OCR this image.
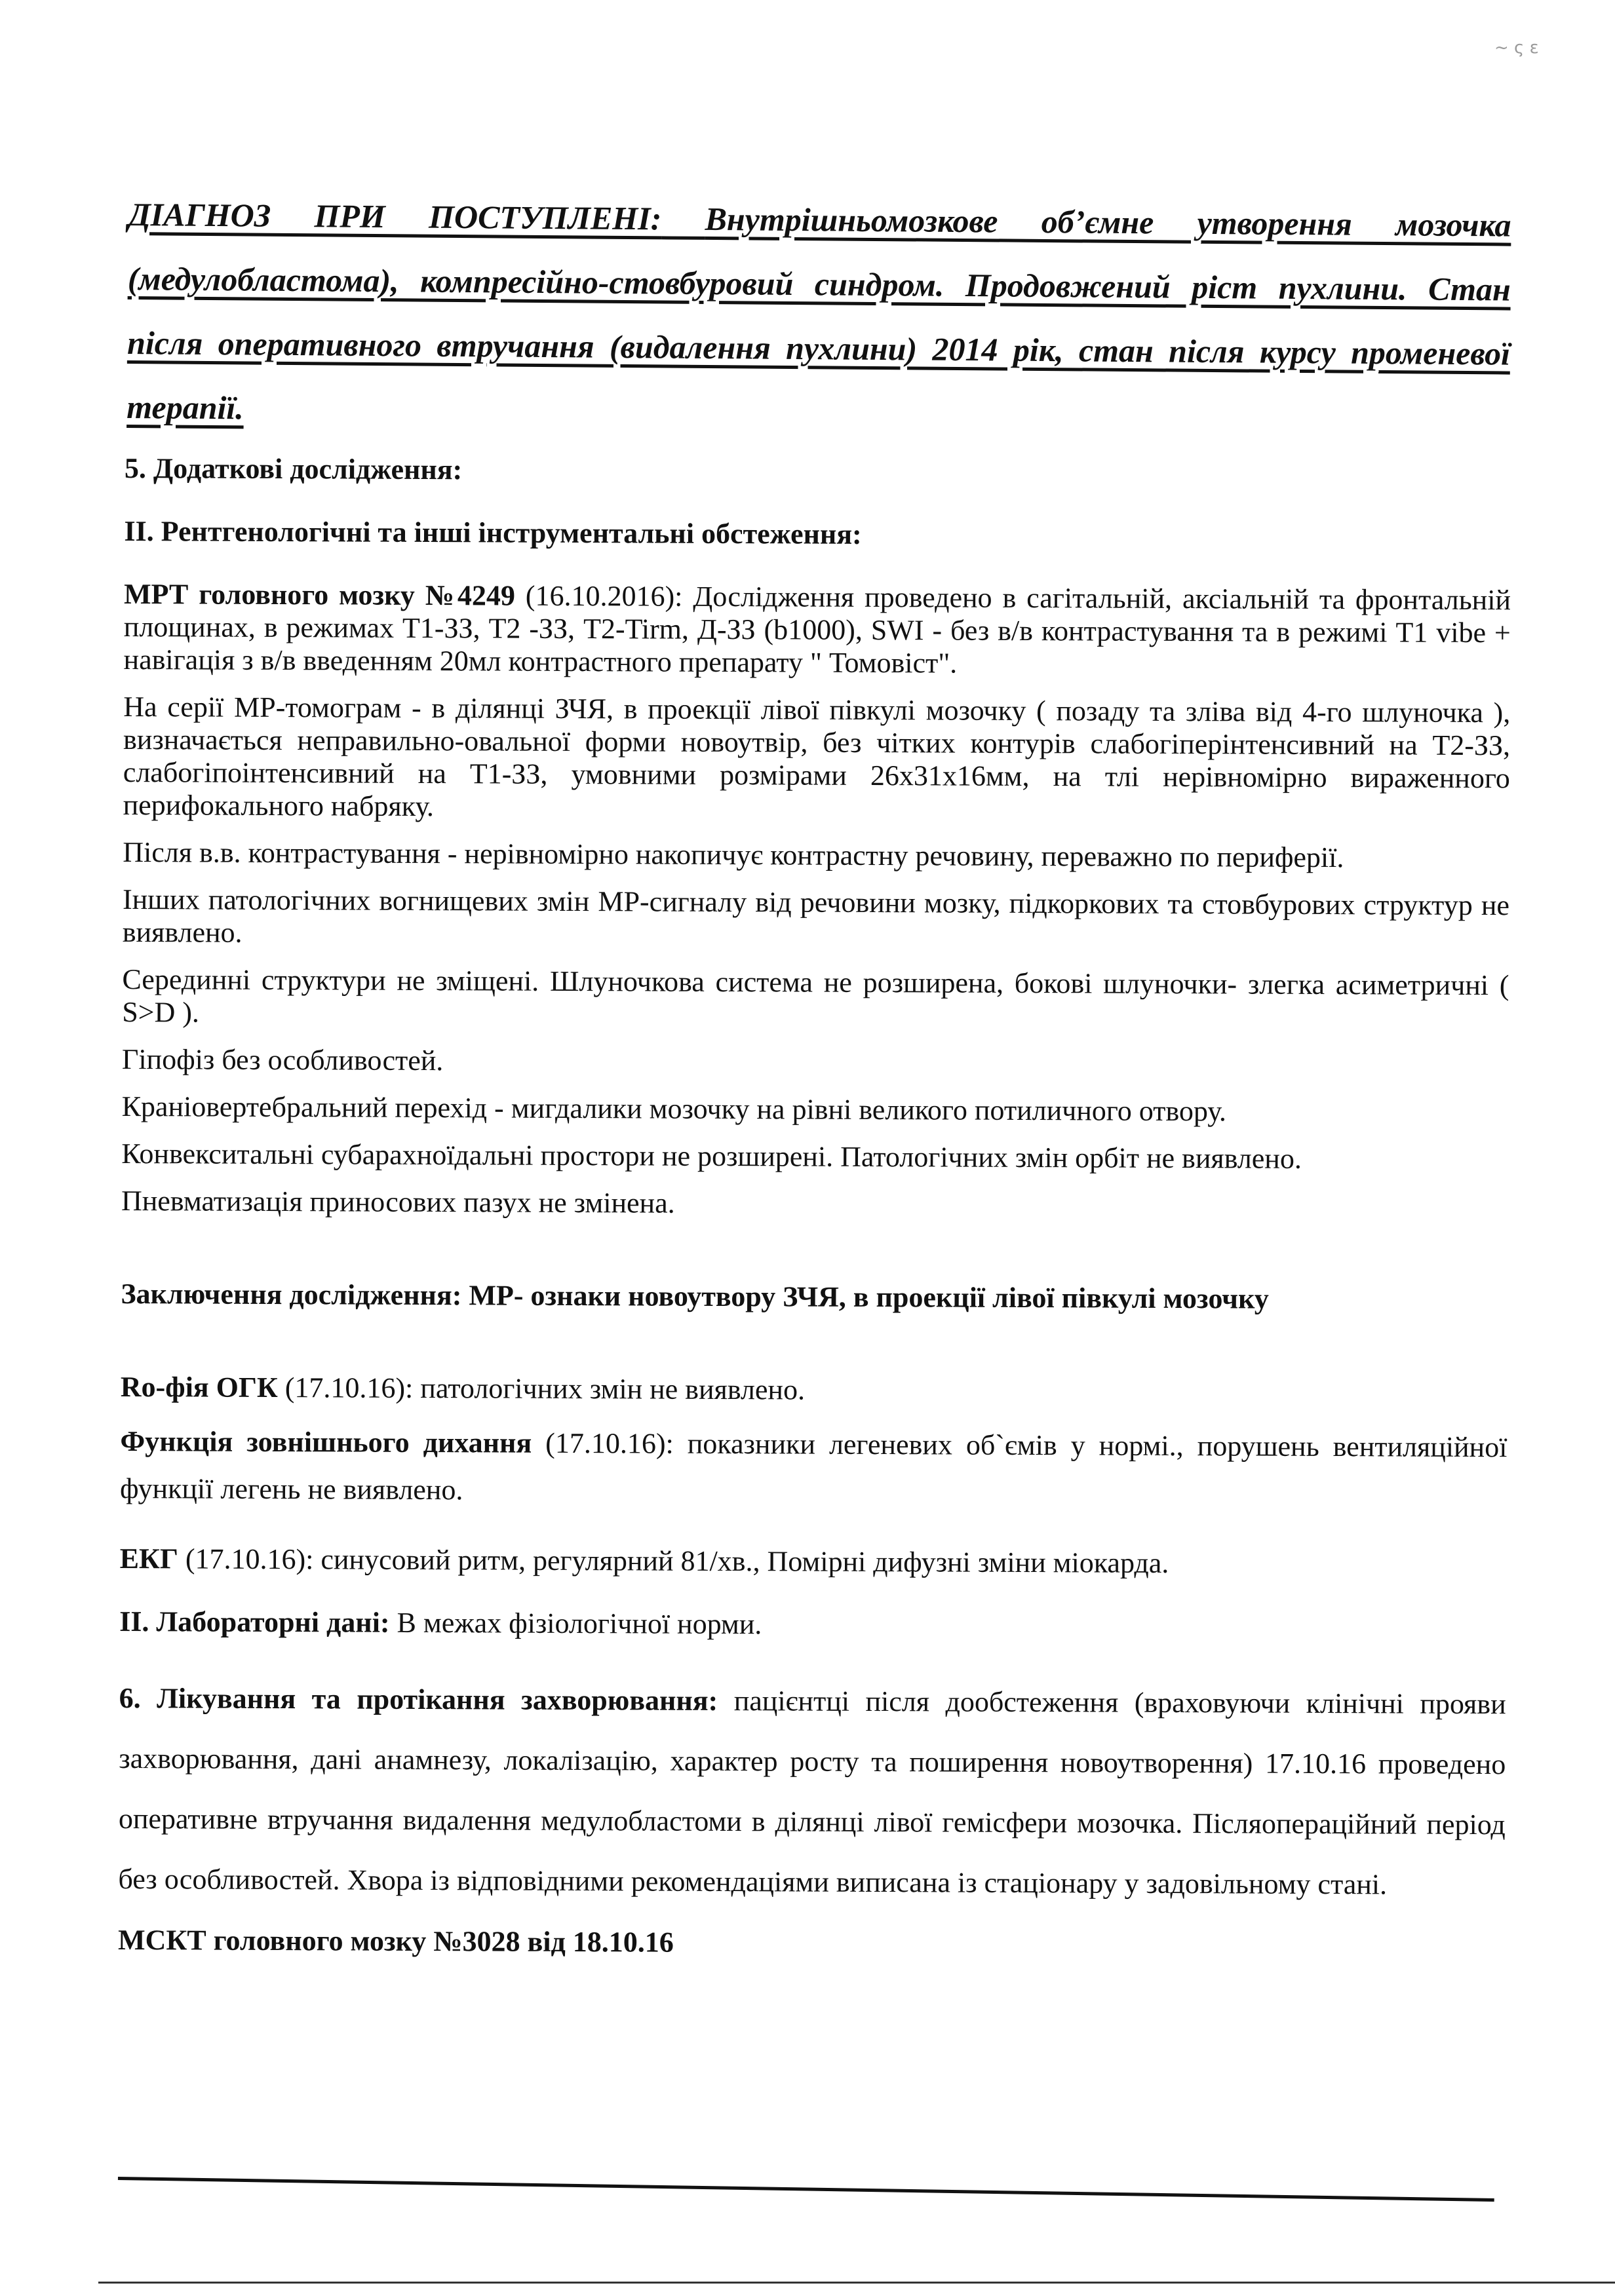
~ ς ε
ДІАГНОЗ ПРИ ПОСТУПЛЕНІ: Внутрішньомозкове об’ємне утворення мозочка (медулобластома), компресійно-стовбуровий синдром. Продовжений ріст пухлини. Стан після оперативного втручання (видалення пухлини) 2014 рік, стан після курсу променевої терапії.
5. Додаткові дослідження:
ІІ. Рентгенологічні та інші інструментальні обстеження:

МРТ головного мозку №4249 (16.10.2016): Дослідження проведено в сагітальній, аксіальній та фронтальній площинах, в режимах Т1-ЗЗ, Т2 -ЗЗ, Т2-Tirm, Д-ЗЗ (b1000), SWI - без в/в контрастування та в режимі Т1 vibe + навігація з в/в введенням 20мл контрастного препарату " Томовіст".

На серії МР-томограм - в ділянці ЗЧЯ, в проекції лівої півкулі мозочку ( позаду та зліва від 4-го шлуночка ), визначається неправильно-овальної форми новоутвір, без чітких контурів слабогіперінтенсивний на Т2-ЗЗ, слабогіпоінтенсивний на Т1-ЗЗ, умовними розмірами 26х31х16мм, на тлі нерівномірно вираженного перифокального набряку.

Після в.в. контрастування - нерівномірно накопичує контрастну речовину, переважно по периферії.

Інших патологічних вогнищевих змін МР-сигналу від речовини мозку, підкоркових та стовбурових структур не виявлено.

Серединні структури не зміщені. Шлуночкова система не розширена, бокові шлуночки- злегка асиметричні ( S>D ).

Гіпофіз без особливостей.

Краніовертебральний перехід - мигдалики мозочку на рівні великого потиличного отвору.

Конвекситальні субарахноїдальні простори не розширені. Патологічних змін орбіт не виявлено.

Пневматизація приносових пазух не змінена.

Заключення дослідження: МР- ознаки новоутвору ЗЧЯ, в проекції лівої півкулі мозочку

Ro-фія ОГК (17.10.16): патологічних змін не виявлено.

Функція зовнішнього дихання (17.10.16): показники легеневих об`ємів у нормі., порушень вентиляційної функції легень не виявлено.

ЕКГ (17.10.16): синусовий ритм, регулярний 81/хв., Помірні дифузні зміни міокарда.

ІІ. Лабораторні дані: В межах фізіологічної норми.

6. Лікування та протікання захворювання: пацієнтці після дообстеження (враховуючи клінічні прояви захворювання, дані анамнезу, локалізацію, характер росту та поширення новоутворення) 17.10.16 проведено оперативне втручання видалення медулобластоми в ділянці лівої гемісфери мозочка. Післяопераційний період без особливостей. Хвора із відповідними рекомендаціями виписана із стаціонару у задовільному стані.

МСКТ головного мозку №3028 від 18.10.16
